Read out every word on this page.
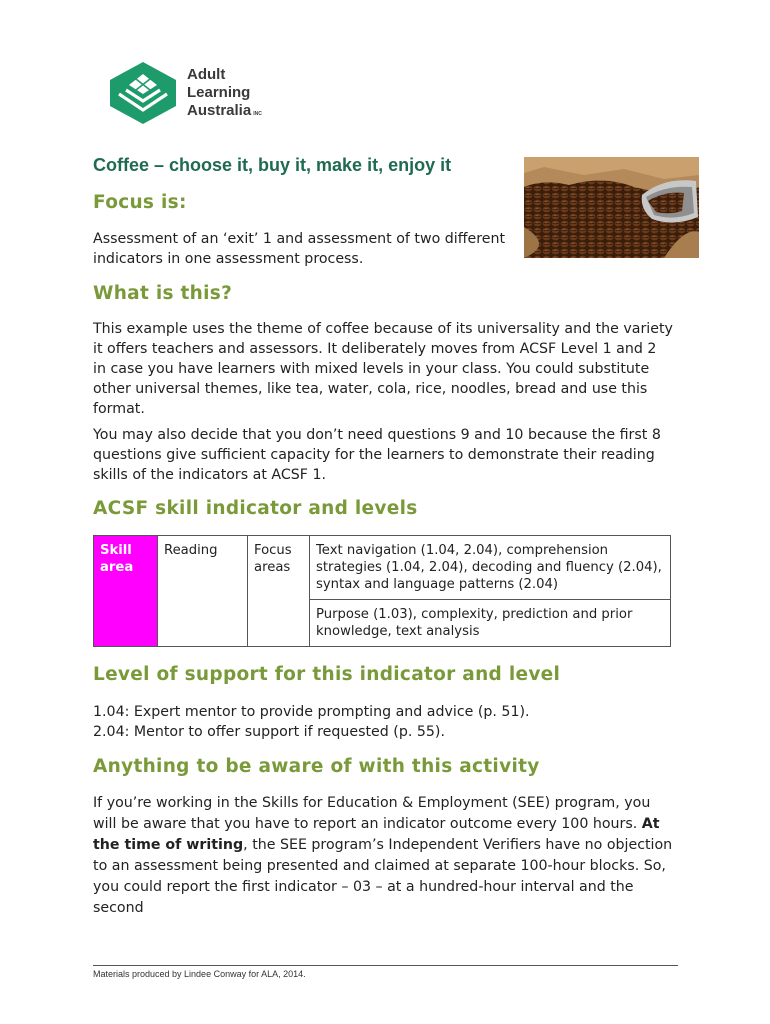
Adult
Learning
Australia INC
Coffee – choose it, buy it, make it, enjoy it
Focus is:

Assessment of an ‘exit’ 1 and assessment of two different indicators in one assessment process.

What is this?

This example uses the theme of coffee because of its universality and the variety it offers teachers and assessors. It deliberately moves from ACSF Level 1 and 2 in case you have learners with mixed levels in your class. You could substitute other universal themes, like tea, water, cola, rice, noodles, bread and use this format.

You may also decide that you don’t need questions 9 and 10 because the first 8 questions give sufficient capacity for the learners to demonstrate their reading skills of the indicators at ACSF 1.

ACSF skill indicator and levels
Skill area	Reading	Focus areas	Text navigation (1.04, 2.04), comprehension strategies (1.04, 2.04), decoding and fluency (2.04), syntax and language patterns (2.04)
Purpose (1.03), complexity, prediction and prior knowledge, text analysis
Level of support for this indicator and level

1.04: Expert mentor to provide prompting and advice (p. 51).

2.04: Mentor to offer support if requested (p. 55).

Anything to be aware of with this activity

If you’re working in the Skills for Education & Employment (SEE) program, you will be aware that you have to report an indicator outcome every 100 hours. At the time of writing, the SEE program’s Independent Verifiers have no objection to an assessment being presented and claimed at separate 100-hour blocks. So, you could report the first indicator – 03 – at a hundred-hour interval and the second

Materials produced by Lindee Conway for ALA, 2014.
